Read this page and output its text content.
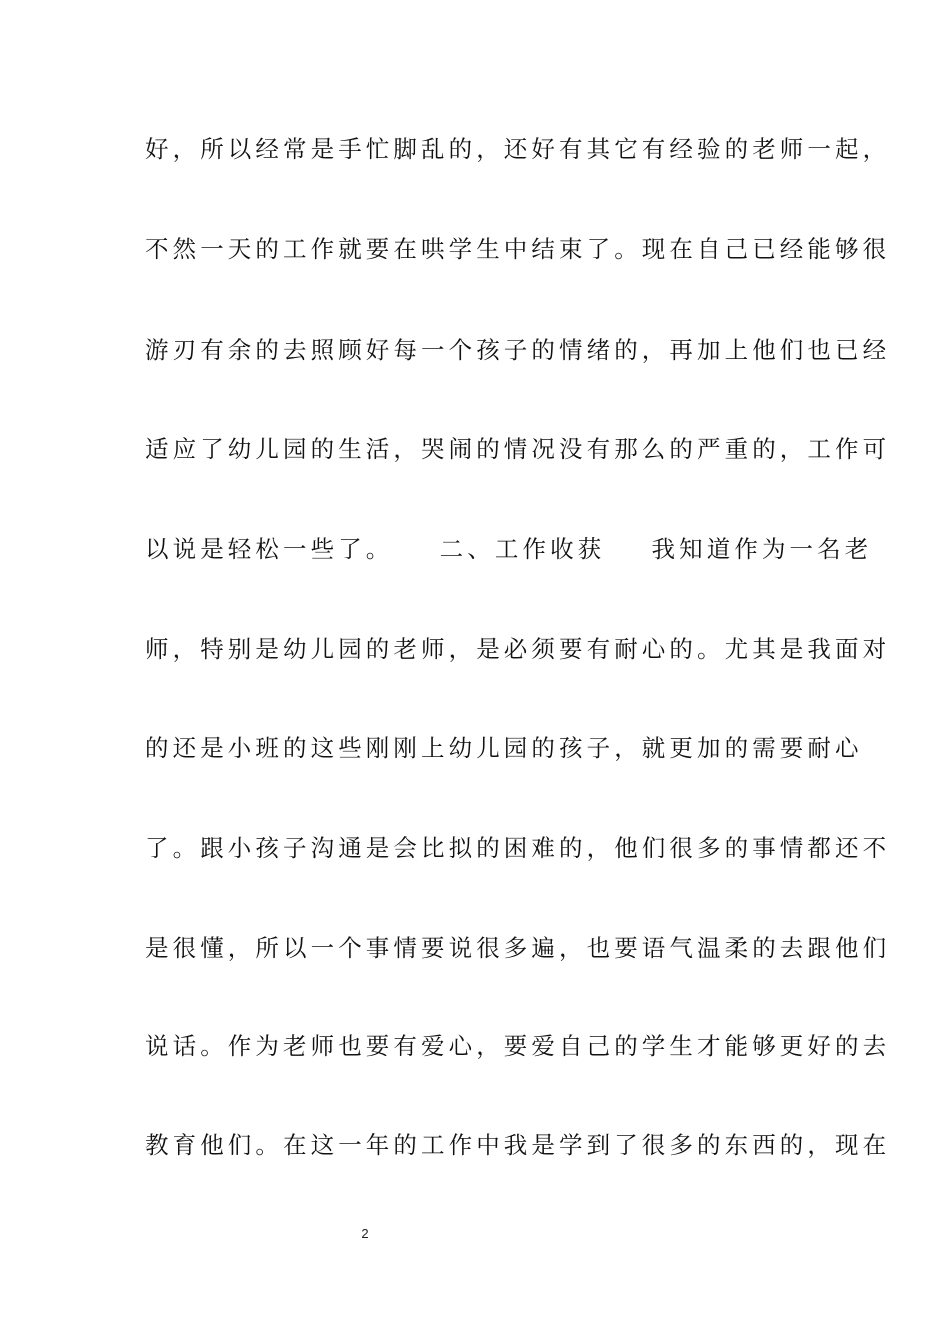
好，所以经常是手忙脚乱的，还好有其它有经验的老师一起，
不然一天的工作就要在哄学生中结束了。现在自己已经能够很
游刃有余的去照顾好每一个孩子的情绪的，再加上他们也已经
适应了幼儿园的生活，哭闹的情况没有那么的严重的，工作可
以说是轻松一些了。    二、工作收获    我知道作为一名老
师，特别是幼儿园的老师，是必须要有耐心的。尤其是我面对
的还是小班的这些刚刚上幼儿园的孩子，就更加的需要耐心
了。跟小孩子沟通是会比拟的困难的，他们很多的事情都还不
是很懂，所以一个事情要说很多遍，也要语气温柔的去跟他们
说话。作为老师也要有爱心，要爱自己的学生才能够更好的去
教育他们。在这一年的工作中我是学到了很多的东西的，现在
2
